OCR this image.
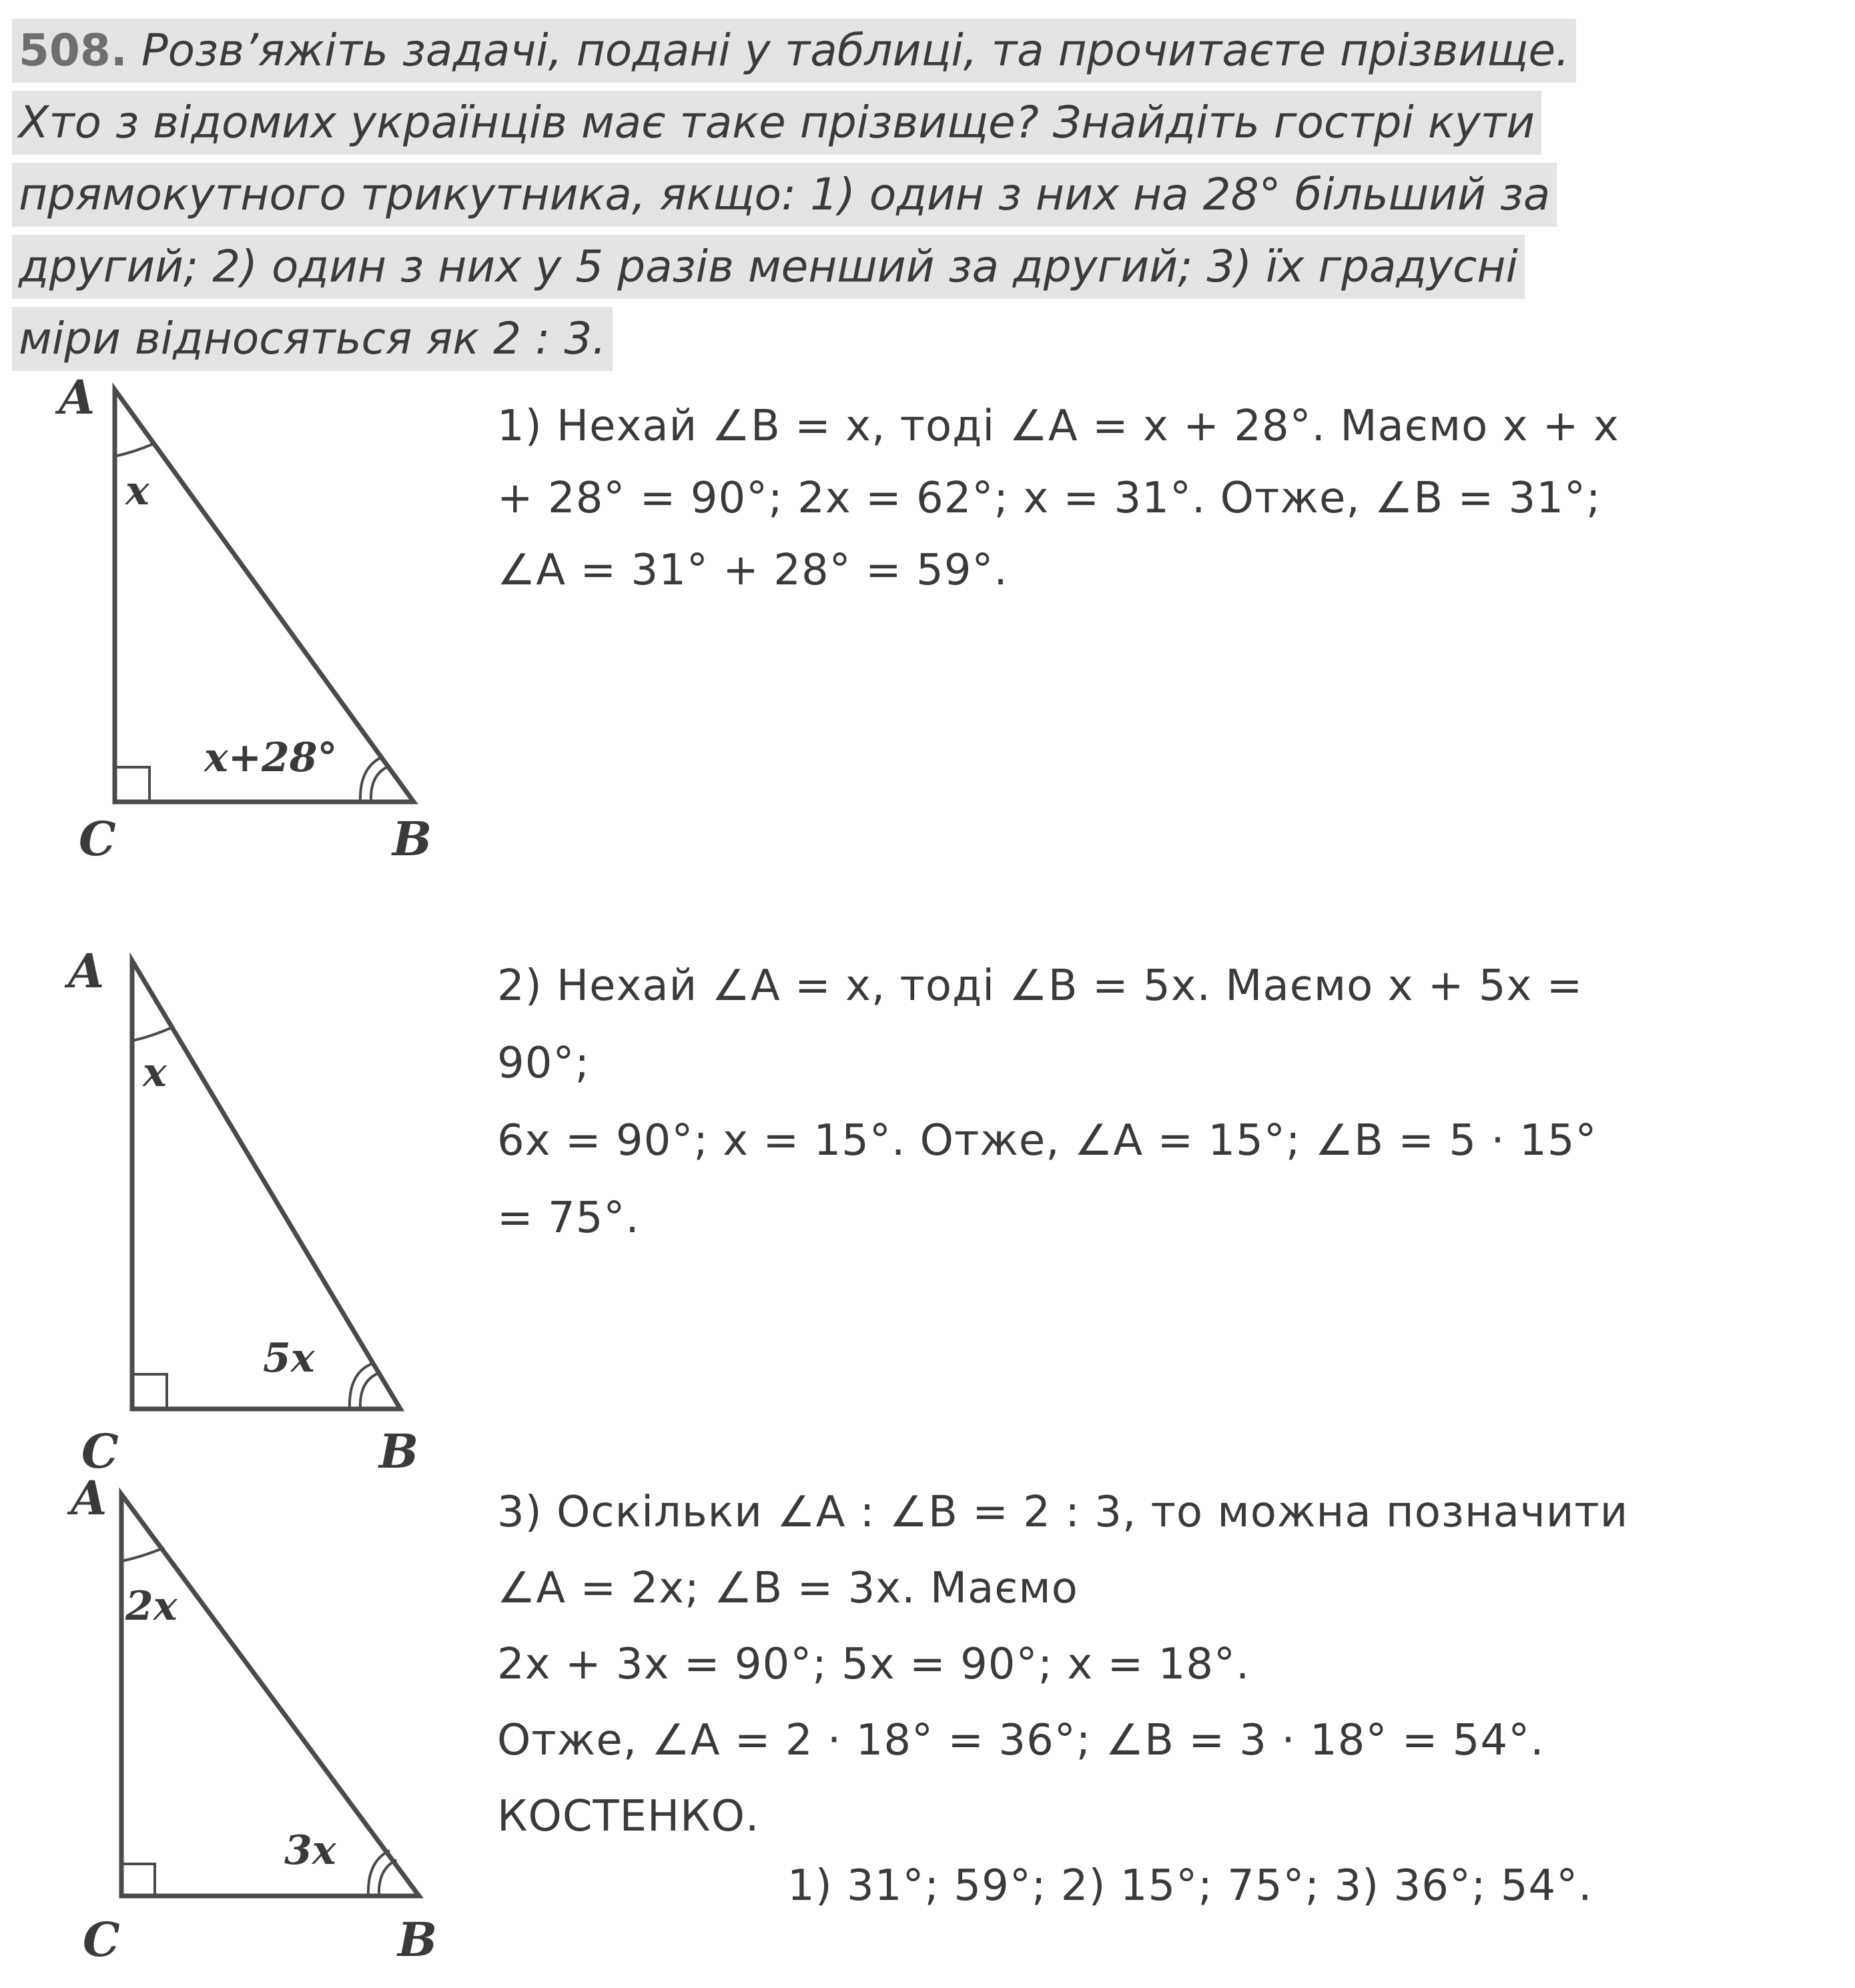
508. Розв’яжіть задачі, подані у таблиці, та прочитаєте прізвище.
Хто з відомих українців має таке прізвище? Знайдіть гострі кути
прямокутного трикутника, якщо: 1) один з них на 28° більший за
другий; 2) один з них у 5 разів менший за другий; 3) їх градусні
міри відносяться як 2 : 3.
A
C	B
x
x+28°
1) Нехай ∠B = x, тоді ∠A = x + 28°. Маємо x + x
+ 28° = 90°; 2x = 62°; x = 31°. Отже, ∠B = 31°;
∠A = 31° + 28° = 59°.
A
C	B
x
5x
2) Нехай ∠A = x, тоді ∠B = 5x. Маємо x + 5x =
90°;
6x = 90°; x = 15°. Отже, ∠A = 15°; ∠B = 5 · 15°
= 75°.
A
C	B
2x
3x
3) Оскільки ∠A : ∠B = 2 : 3, то можна позначити
∠A = 2x; ∠B = 3x. Маємо
2x + 3x = 90°; 5x = 90°; x = 18°.
Отже, ∠A = 2 · 18° = 36°; ∠B = 3 · 18° = 54°.
КОСТЕНКО.
1) 31°; 59°; 2) 15°; 75°; 3) 36°; 54°.
